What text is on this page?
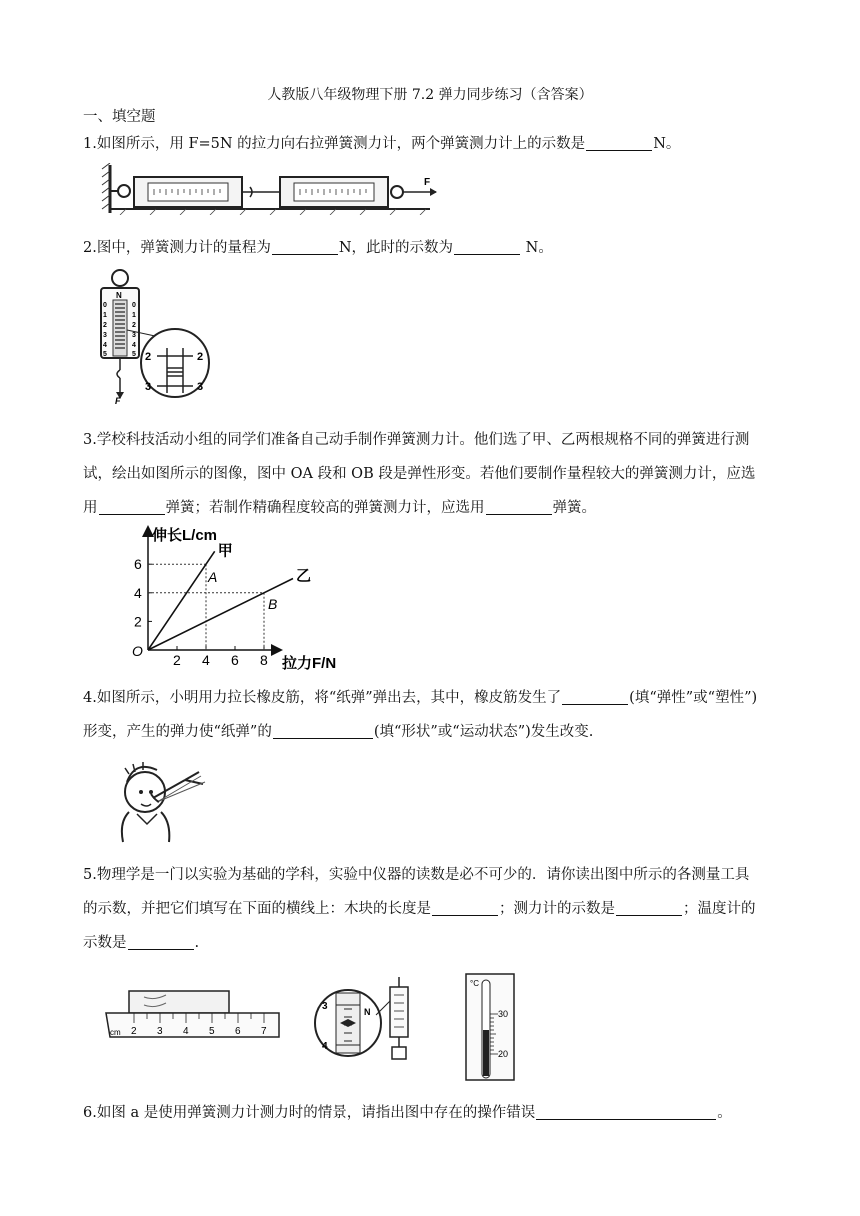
人教版八年级物理下册 7.2 弹力同步练习（含答案）
一、填空题
1.如图所示，用 F=5N 的拉力向右拉弹簧测力计，两个弹簧测力计上的示数是	N。
F
2.图中，弹簧测力计的量程为	N，此时的示数为	N。
N
0
1
2
3
4
5
0
1
2
3
4
5
F
2
3
2
3
3.学校科技活动小组的同学们准备自己动手制作弹簧测力计。他们选了甲、乙两根规格不同的弹簧进行测
试，绘出如图所示的图像，图中 OA 段和 OB 段是弹性形变。若他们要制作量程较大的弹簧测力计，应选
用	弹簧；若制作精确程度较高的弹簧测力计，应选用	弹簧。
伸长L/cm
拉力F/N
O
2 4 6 8
2
4
6
甲
A	乙
B
4.如图所示，小明用力拉长橡皮筋，将“纸弹”弹出去，其中，橡皮筋发生了	(填“弹性”或“塑性”)
形变，产生的弹力使“纸弹”的	(填“形状”或“运动状态”)发生改变.
5.物理学是一门以实验为基础的学科，实验中仪器的读数是必不可少的．请你读出图中所示的各测量工具
的示数，并把它们填写在下面的横线上：木块的长度是	；测力计的示数是	；温度计的
示数是	.
cm 2 3 4 5 6 7
3
4
N
°C
30
20
6.如图 a 是使用弹簧测力计测力时的情景，请指出图中存在的操作错误	。
